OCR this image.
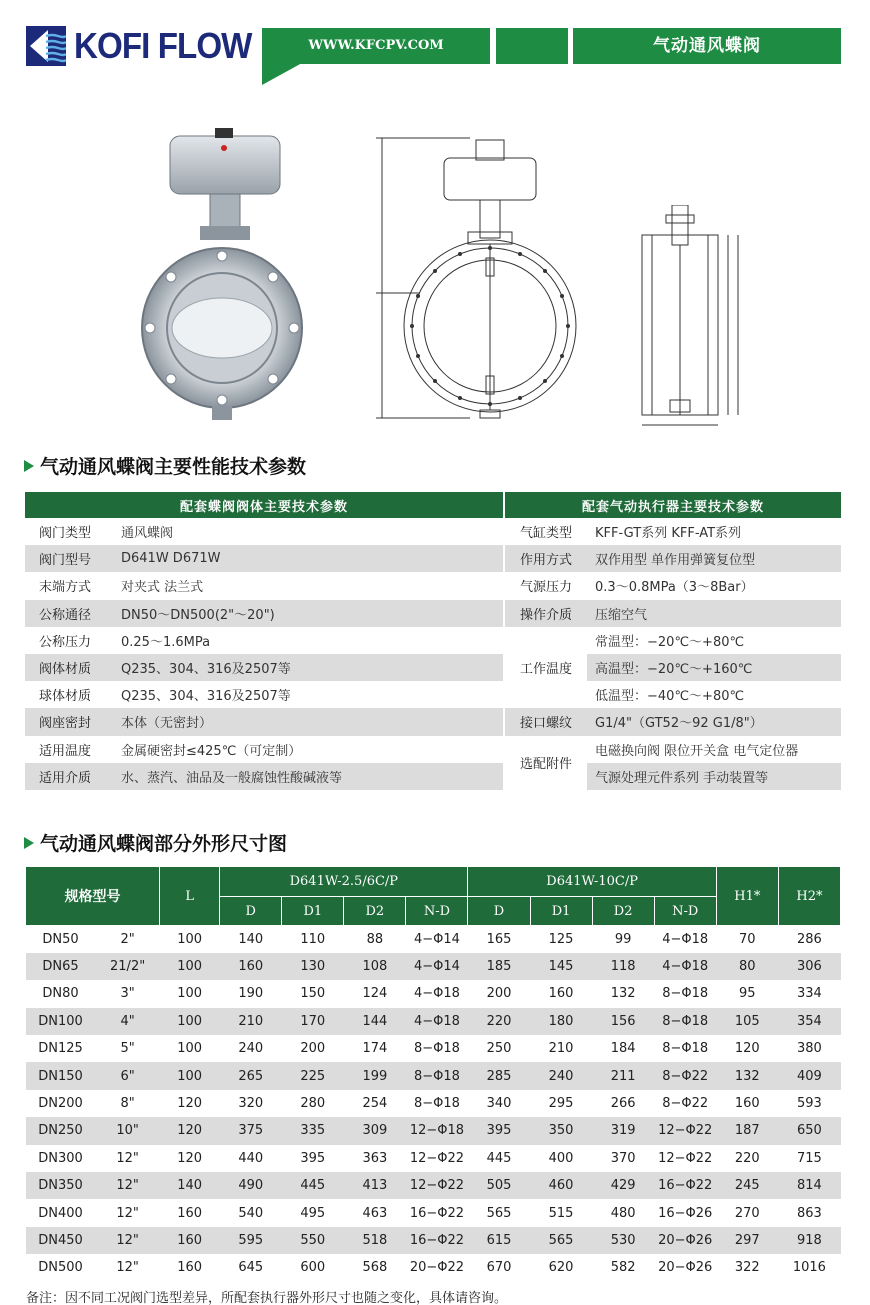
KOFI FLOW	WWW.KFCPV.COM	气动通风蝶阀
气动通风蝶阀主要性能技术参数
配套蝶阀阀体主要技术参数			配套气动执行器主要技术参数	
阀门类型	通风蝶阀		气缸类型	KFF-GT系列 KFF-AT系列
阀门型号	D641W D671W		作用方式	双作用型 单作用弹簧复位型
末端方式	对夹式 法兰式		气源压力	0.3～0.8MPa（3～8Bar）
公称通径	DN50～DN500(2"～20")		操作介质	压缩空气
公称压力	0.25～1.6MPa		工作温度	常温型：−20℃～+80℃
阀体材质	Q235、304、316及2507等			高温型：−20℃～+160℃
球体材质	Q235、304、316及2507等			低温型：−40℃～+80℃
阀座密封	本体（无密封）		接口螺纹	G1/4"（GT52～92 G1/8"）
适用温度	金属硬密封≤425℃（可定制）		选配附件	电磁换向阀 限位开关盒 电气定位器
适用介质	水、蒸汽、油品及一般腐蚀性酸碱液等			气源处理元件系列 手动装置等
气动通风蝶阀部分外形尺寸图
规格型号		L	D641W-2.5/6C/P				D641W-10C/P				H1*	H2*
			D	D1	D2	N-D	D	D1	D2	N-D		
DN50	2"	100	140	110	88	4−Φ14	165	125	99	4−Φ18	70	286
DN65	21/2"	100	160	130	108	4−Φ14	185	145	118	4−Φ18	80	306
DN80	3"	100	190	150	124	4−Φ18	200	160	132	8−Φ18	95	334
DN100	4"	100	210	170	144	4−Φ18	220	180	156	8−Φ18	105	354
DN125	5"	100	240	200	174	8−Φ18	250	210	184	8−Φ18	120	380
DN150	6"	100	265	225	199	8−Φ18	285	240	211	8−Φ22	132	409
DN200	8"	120	320	280	254	8−Φ18	340	295	266	8−Φ22	160	593
DN250	10"	120	375	335	309	12−Φ18	395	350	319	12−Φ22	187	650
DN300	12"	120	440	395	363	12−Φ22	445	400	370	12−Φ22	220	715
DN350	12"	140	490	445	413	12−Φ22	505	460	429	16−Φ22	245	814
DN400	12"	160	540	495	463	16−Φ22	565	515	480	16−Φ26	270	863
DN450	12"	160	595	550	518	16−Φ22	615	565	530	20−Φ26	297	918
DN500	12"	160	645	600	568	20−Φ22	670	620	582	20−Φ26	322	1016
备注：因不同工况阀门选型差异，所配套执行器外形尺寸也随之变化，具体请咨询。
